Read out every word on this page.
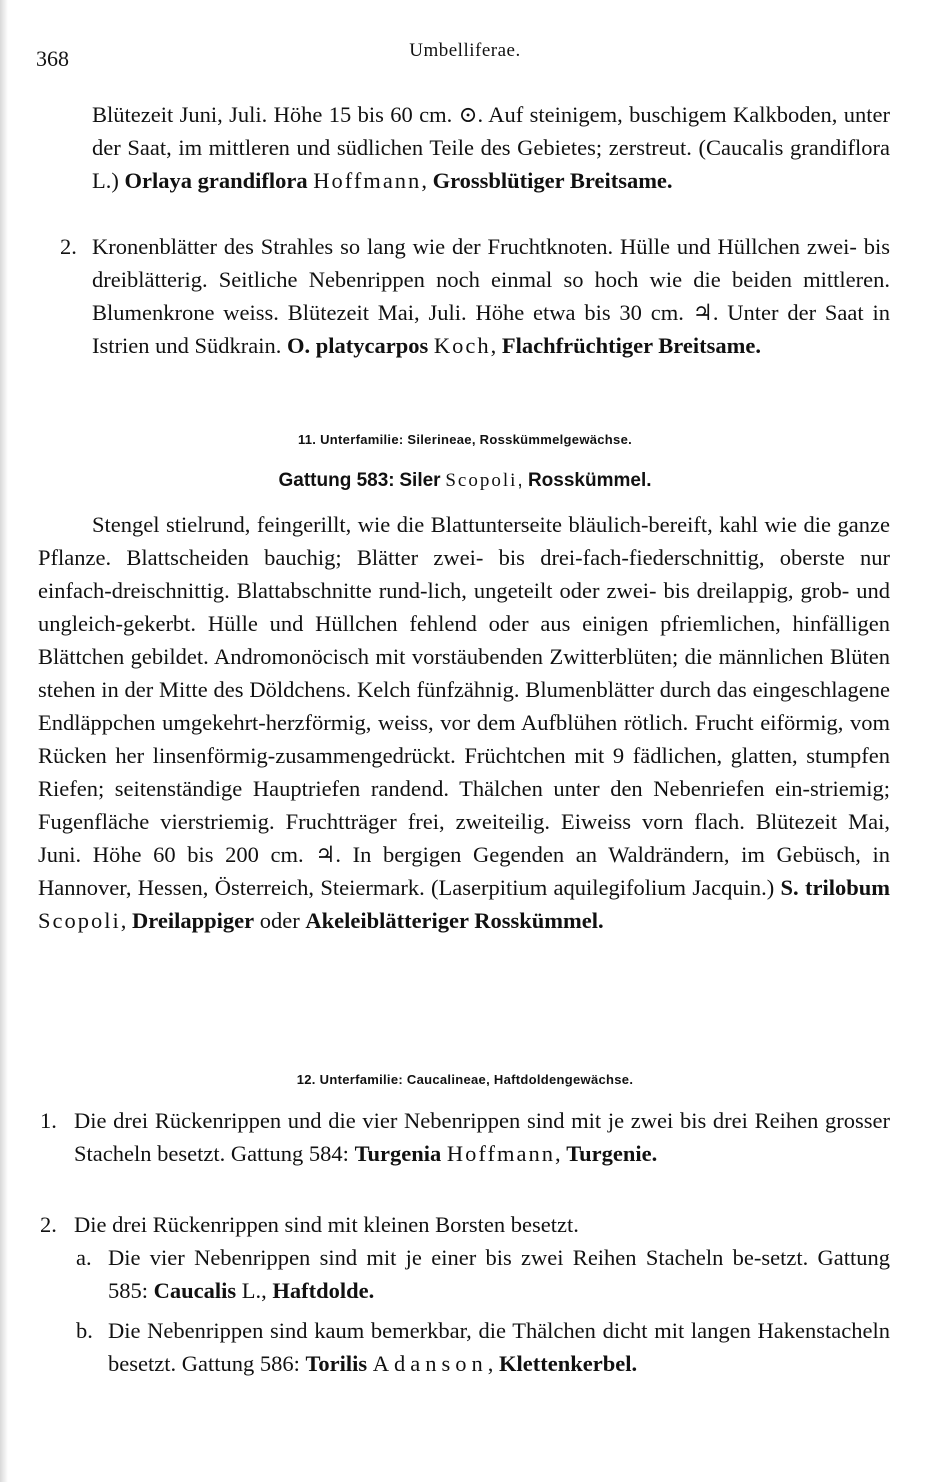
368	Umbelliferae.

Blütezeit Juni, Juli. Höhe 15 bis 60 cm. ⊙. Auf steinigem, buschigem Kalkboden, unter der Saat, im mittleren und südlichen Teile des Gebietes; zerstreut. (Caucalis grandiflora L.) Orlaya grandiflora Hoffmann, Grossblütiger Breitsame.

2. Kronenblätter des Strahles so lang wie der Fruchtknoten. Hülle und Hüllchen zwei- bis dreiblätterig. Seitliche Nebenrippen noch einmal so hoch wie die beiden mittleren. Blumenkrone weiss. Blütezeit Mai, Juli. Höhe etwa bis 30 cm. ♃. Unter der Saat in Istrien und Südkrain. O. platycarpos Koch, Flachfrüchtiger Breitsame.

11. Unterfamilie: Silerineae, Rosskümmelgewächse.
Gattung 583: Siler Scopoli, Rosskümmel.

Stengel stielrund, feingerillt, wie die Blattunterseite bläulich-bereift, kahl wie die ganze Pflanze. Blattscheiden bauchig; Blätter zwei- bis drei-fach-fiederschnittig, oberste nur einfach-dreischnittig. Blattabschnitte rund-lich, ungeteilt oder zwei- bis dreilappig, grob- und ungleich-gekerbt. Hülle und Hüllchen fehlend oder aus einigen pfriemlichen, hinfälligen Blättchen gebildet. Andromonöcisch mit vorstäubenden Zwitterblüten; die männlichen Blüten stehen in der Mitte des Döldchens. Kelch fünfzähnig. Blumenblätter durch das eingeschlagene Endläppchen umgekehrt-herzförmig, weiss, vor dem Aufblühen rötlich. Frucht eiförmig, vom Rücken her linsenförmig-zusammengedrückt. Früchtchen mit 9 fädlichen, glatten, stumpfen Riefen; seitenständige Hauptriefen randend. Thälchen unter den Nebenriefen ein-striemig; Fugenfläche vierstriemig. Fruchtträger frei, zweiteilig. Eiweiss vorn flach. Blütezeit Mai, Juni. Höhe 60 bis 200 cm. ♃. In bergigen Gegenden an Waldrändern, im Gebüsch, in Hannover, Hessen, Österreich, Steiermark. (Laserpitium aquilegifolium Jacquin.) S. trilobum Scopoli, Dreilappiger oder Akeleiblätteriger Rosskümmel.

12. Unterfamilie: Caucalineae, Haftdoldengewächse.
1. Die drei Rückenrippen und die vier Nebenrippen sind mit je zwei bis drei Reihen grosser Stacheln besetzt. Gattung 584: Turgenia Hoffmann, Turgenie.

2. Die drei Rückenrippen sind mit kleinen Borsten besetzt.

a. Die vier Nebenrippen sind mit je einer bis zwei Reihen Stacheln be-setzt. Gattung 585: Caucalis L., Haftdolde.

b. Die Nebenrippen sind kaum bemerkbar, die Thälchen dicht mit langen Hakenstacheln besetzt. Gattung 586: Torilis Adanson, Klettenkerbel.
